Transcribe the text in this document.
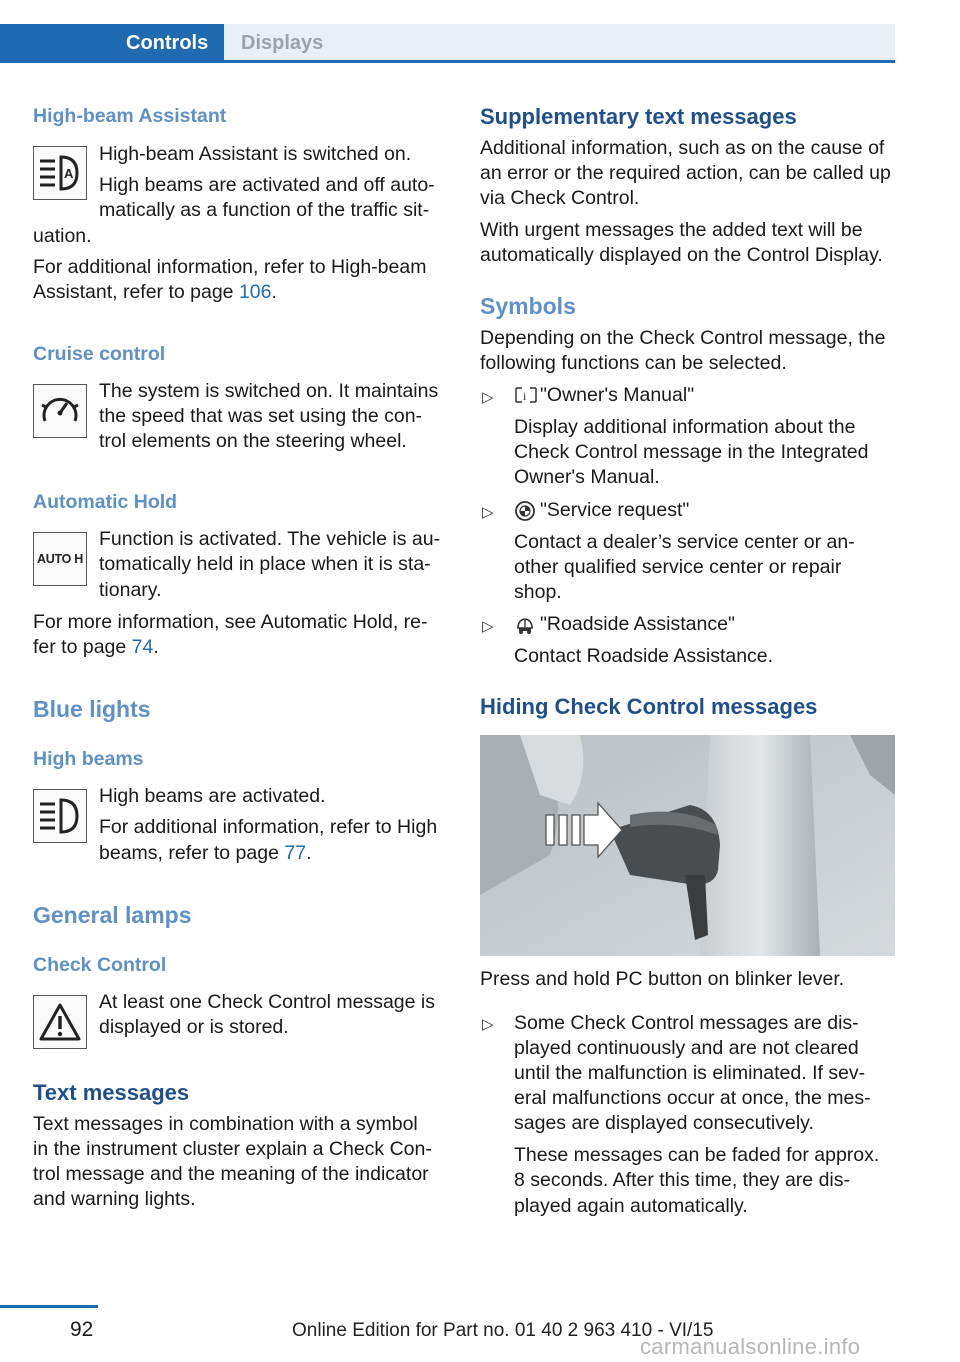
Controls Displays
High-beam Assistant
A
High-beam Assistant is switched on.
High beams are activated and off auto‐
matically as a function of the traffic sit‐
uation.
For additional information, refer to High-beam
Assistant, refer to page 106.
Cruise control
The system is switched on. It maintains
the speed that was set using the con‐
trol elements on the steering wheel.
Automatic Hold
AUTO H
Function is activated. The vehicle is au‐
tomatically held in place when it is sta‐
tionary.
For more information, see Automatic Hold, re‐
fer to page 74.
Blue lights
High beams
High beams are activated.
For additional information, refer to High
beams, refer to page 77.
General lamps
Check Control
At least one Check Control message is
displayed or is stored.
Text messages
Text messages in combination with a symbol
in the instrument cluster explain a Check Con‐
trol message and the meaning of the indicator
and warning lights.
Supplementary text messages
Additional information, such as on the cause of
an error or the required action, can be called up
via Check Control.
With urgent messages the added text will be
automatically displayed on the Control Display.
Symbols
Depending on the Check Control message, the
following functions can be selected.
▷ i "Owner's Manual"
Display additional information about the
Check Control message in the Integrated
Owner's Manual.
▷ "Service request"
Contact a dealer’s service center or an‐
other qualified service center or repair
shop.
▷ "Roadside Assistance"
Contact Roadside Assistance.
Hiding Check Control messages
Press and hold PC button on blinker lever.
▷ Some Check Control messages are dis‐
played continuously and are not cleared
until the malfunction is eliminated. If sev‐
eral malfunctions occur at once, the mes‐
sages are displayed consecutively.
These messages can be faded for approx.
8 seconds. After this time, they are dis‐
played again automatically.
92	Online Edition for Part no. 01 40 2 963 410 - VI/15
carmanualsonline.info
